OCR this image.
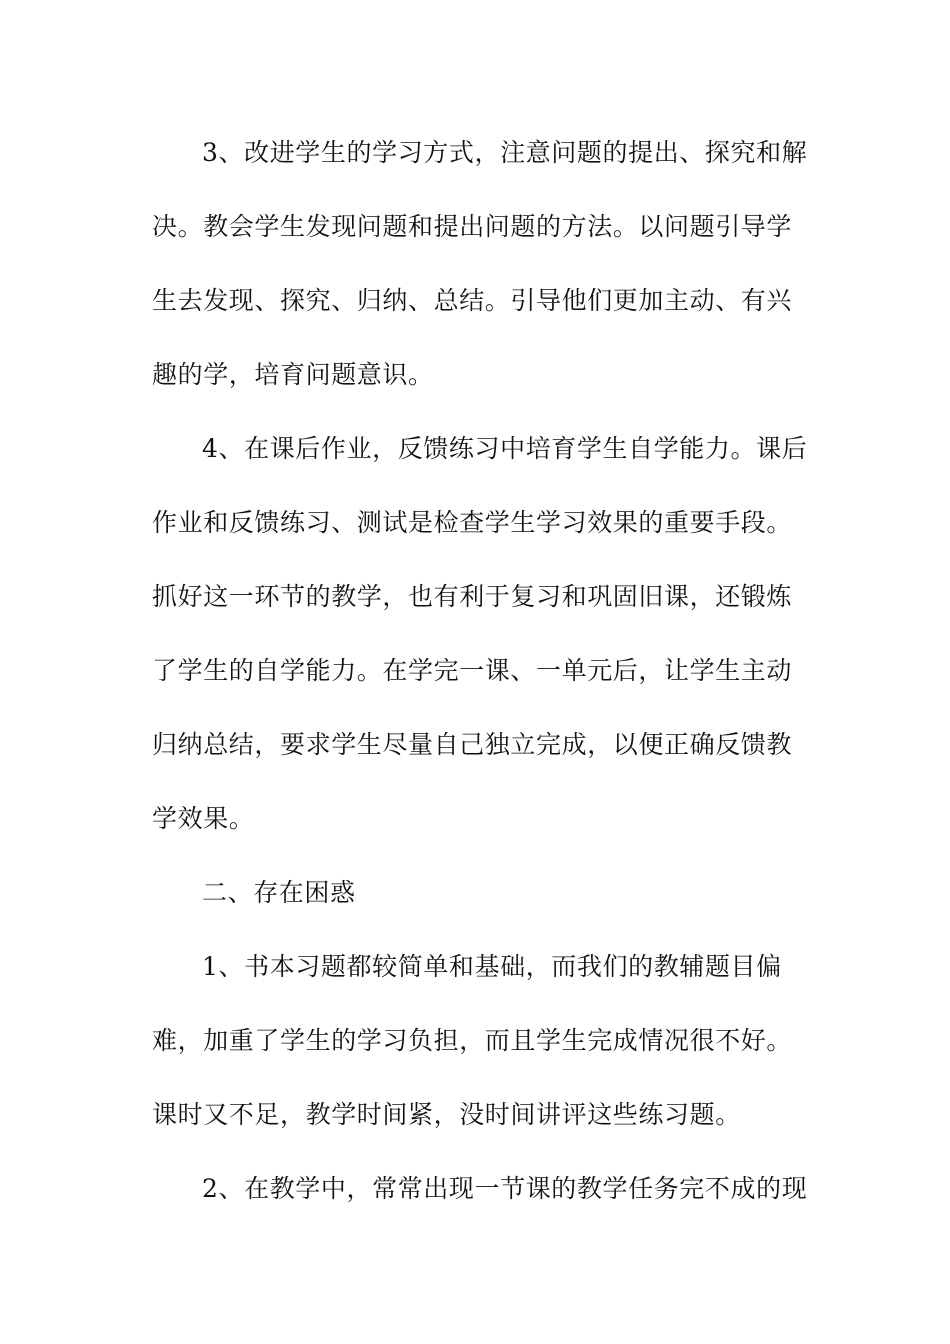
3、改进学生的学习方式，注意问题的提出、探究和解
决。教会学生发现问题和提出问题的方法。以问题引导学
生去发现、探究、归纳、总结。引导他们更加主动、有兴
趣的学，培育问题意识。
4、在课后作业，反馈练习中培育学生自学能力。课后
作业和反馈练习、测试是检查学生学习效果的重要手段。
抓好这一环节的教学，也有利于复习和巩固旧课，还锻炼
了学生的自学能力。在学完一课、一单元后，让学生主动
归纳总结，要求学生尽量自己独立完成，以便正确反馈教
学效果。
二、存在困惑
1、书本习题都较简单和基础，而我们的教辅题目偏
难，加重了学生的学习负担，而且学生完成情况很不好。
课时又不足，教学时间紧，没时间讲评这些练习题。
2、在教学中，常常出现一节课的教学任务完不成的现
